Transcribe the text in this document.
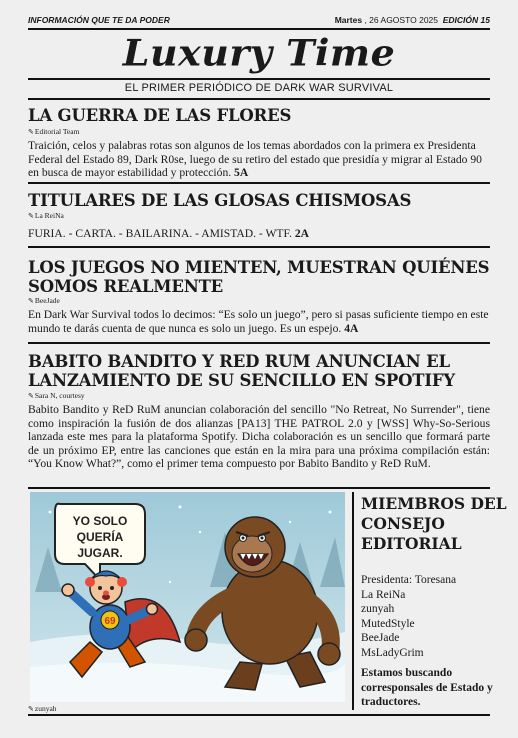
INFORMACIÓN QUE TE DA PODER	Martes , 26 AGOSTO 2025 EDICIÓN 15
Luxury Time
EL PRIMER PERIÓDICO DE DARK WAR SURVIVAL
LA GUERRA DE LAS FLORES
✎Editorial Team
Traición, celos y palabras rotas son algunos de los temas abordados con la primera ex Presidenta Federal del Estado 89, Dark R0se, luego de su retiro del estado que presidía y migrar al Estado 90 en busca de mayor estabilidad y protección. 5A
TITULARES DE LAS GLOSAS CHISMOSAS
✎La ReiNa
FURIA. - CARTA. - BAILARINA. - AMISTAD. - WTF. 2A
LOS JUEGOS NO MIENTEN, MUESTRAN QUIÉNES SOMOS REALMENTE
✎BeeJade
En Dark War Survival todos lo decimos: “Es solo un juego”, pero si pasas suficiente tiempo en este mundo te darás cuenta de que nunca es solo un juego. Es un espejo. 4A
BABITO BANDITO Y RED RUM ANUNCIAN EL LANZAMIENTO DE SU SENCILLO EN SPOTIFY
✎Sara N, courtesy
Babito Bandito y ReD RuM anuncian colaboración del sencillo "No Retreat, No Surrender", tiene como inspiración la fusión de dos alianzas [PA13] THE PATROL 2.0 y [WSS] Why-So-Serious lanzada este mes para la plataforma Spotify. Dicha colaboración es un sencillo que formará parte de un próximo EP, entre las canciones que están en la mira para una próxima compilación están: “You Know What?”, como el primer tema compuesto por Babito Bandito y ReD RuM.
YO SOLO
QUERÍA
JUGAR.
69
✎zunyah
MIEMBROS DEL CONSEJO EDITORIAL
Presidenta: Toresana
La ReiNa
zunyah
MutedStyle
BeeJade
MsLadyGrim
Estamos buscando corresponsales de Estado y traductores.
